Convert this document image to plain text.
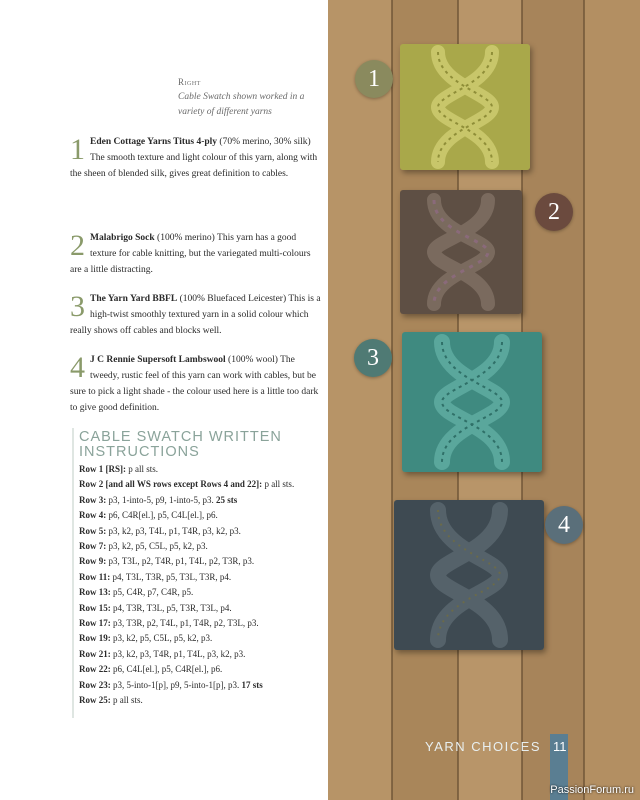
Right
Cable Swatch shown worked in a variety of different yarns
1 Eden Cottage Yarns Titus 4-ply (70% merino, 30% silk) The smooth texture and light colour of this yarn, along with the sheen of blended silk, gives great definition to cables.
2 Malabrigo Sock (100% merino) This yarn has a good texture for cable knitting, but the variegated multi-colours are a little distracting.
3 The Yarn Yard BBFL (100% Bluefaced Leicester) This is a high-twist smoothly textured yarn in a solid colour which really shows off cables and blocks well.
4 J C Rennie Supersoft Lambswool (100% wool) The tweedy, rustic feel of this yarn can work with cables, but be sure to pick a light shade - the colour used here is a little too dark to give good definition.
CABLE SWATCH WRITTEN INSTRUCTIONS
Row 1 [RS]: p all sts.
Row 2 [and all WS rows except Rows 4 and 22]: p all sts.
Row 3: p3, 1-into-5, p9, 1-into-5, p3. 25 sts
Row 4: p6, C4R[el.], p5, C4L[el.], p6.
Row 5: p3, k2, p3, T4L, p1, T4R, p3, k2, p3.
Row 7: p3, k2, p5, C5L, p5, k2, p3.
Row 9: p3, T3L, p2, T4R, p1, T4L, p2, T3R, p3.
Row 11: p4, T3L, T3R, p5, T3L, T3R, p4.
Row 13: p5, C4R, p7, C4R, p5.
Row 15: p4, T3R, T3L, p5, T3R, T3L, p4.
Row 17: p3, T3R, p2, T4L, p1, T4R, p2, T3L, p3.
Row 19: p3, k2, p5, C5L, p5, k2, p3.
Row 21: p3, k2, p3, T4R, p1, T4L, p3, k2, p3.
Row 22: p6, C4L[el.], p5, C4R[el.], p6.
Row 23: p3, 5-into-1[p], p9, 5-into-1[p], p3. 17 sts
Row 25: p all sts.
1
2
3
4
YARN CHOICES 11
PassionForum.ru
